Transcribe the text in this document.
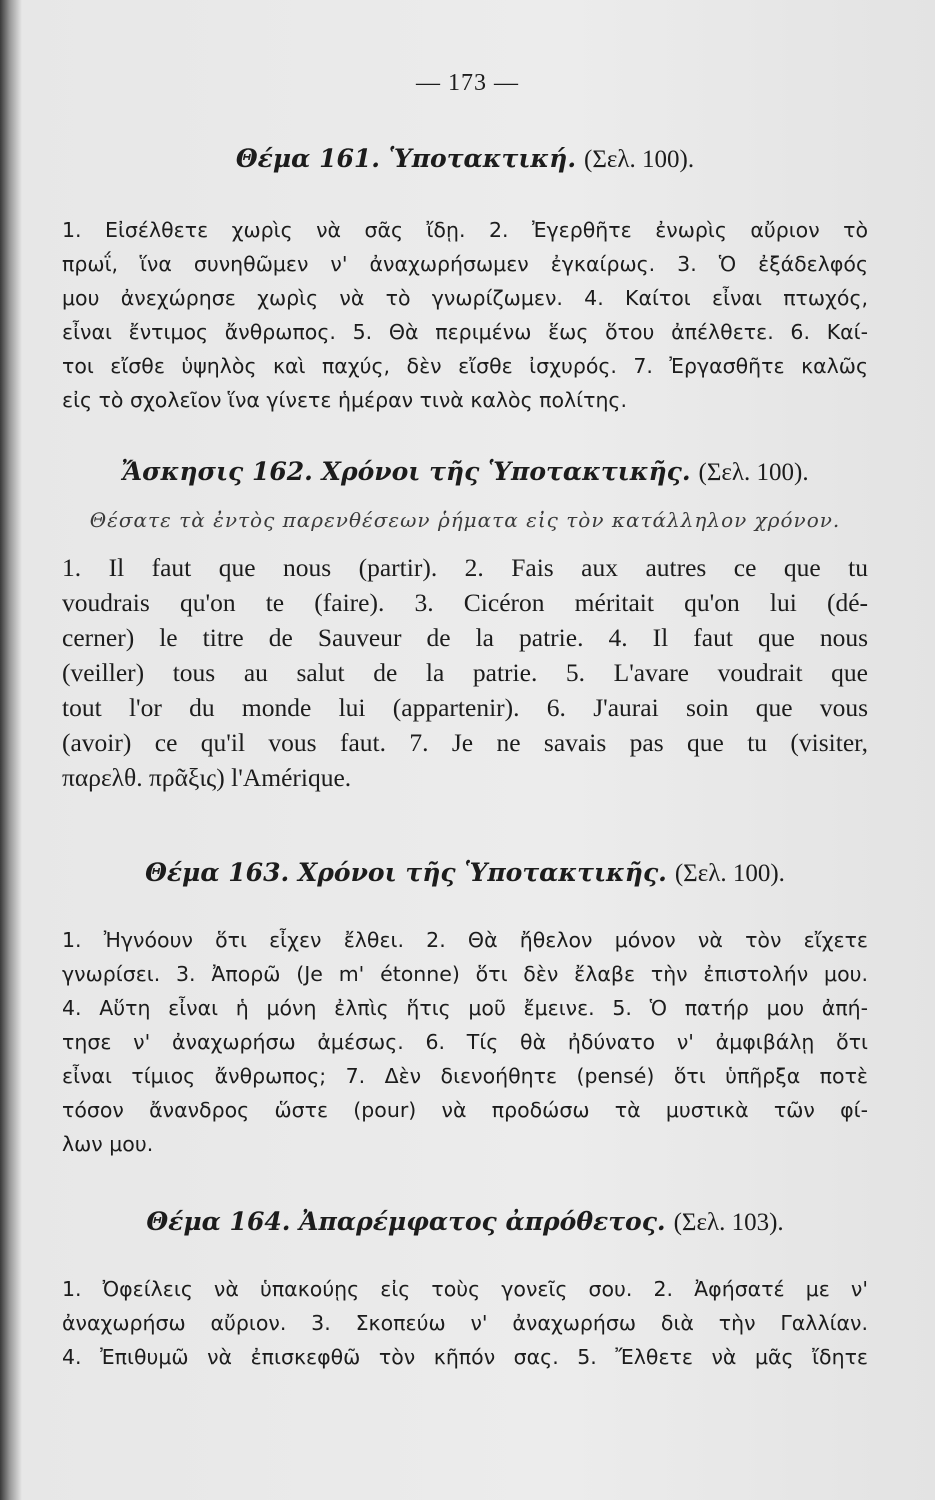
— 173 —
Θέμα 161. Ὑποτακτική. (Σελ. 100).
1. Εἰσέλθετε χωρὶς νὰ σᾶς ἴδῃ. 2. Ἐγερθῆτε ἐνωρὶς αὔριον τὸ
πρωΐ, ἵνα συνηθῶμεν ν' ἀναχωρήσωμεν ἐγκαίρως. 3. Ὁ ἐξάδελφός
μου ἀνεχώρησε χωρὶς νὰ τὸ γνωρίζωμεν. 4. Καίτοι εἶναι πτωχός,
εἶναι ἔντιμος ἄνθρωπος. 5. Θὰ περιμένω ἕως ὅτου ἀπέλθετε. 6. Καί-
τοι εἴσθε ὑψηλὸς καὶ παχύς, δὲν εἴσθε ἰσχυρός. 7. Ἐργασθῆτε καλῶς
εἰς τὸ σχολεῖον ἵνα γίνετε ἡμέραν τινὰ καλὸς πολίτης.
Ἄσκησις 162. Χρόνοι τῆς Ὑποτακτικῆς. (Σελ. 100).
Θέσατε τὰ ἐντὸς παρενθέσεων ῥήματα εἰς τὸν κατάλληλον χρόνον.
1. Il faut que nous (partir). 2. Fais aux autres ce que tu
voudrais qu'on te (faire). 3. Cicéron méritait qu'on lui (dé-
cerner) le titre de Sauveur de la patrie. 4. Il faut que nous
(veiller) tous au salut de la patrie. 5. L'avare voudrait que
tout l'or du monde lui (appartenir). 6. J'aurai soin que vous
(avoir) ce qu'il vous faut. 7. Je ne savais pas que tu (visiter,
παρελθ. πρᾶξις) l'Amérique.
Θέμα 163. Χρόνοι τῆς Ὑποτακτικῆς. (Σελ. 100).
1. Ἠγνόουν ὅτι εἶχεν ἔλθει. 2. Θὰ ἤθελον μόνον νὰ τὸν εἴχετε
γνωρίσει. 3. Ἀπορῶ (Je m' étonne) ὅτι δὲν ἔλαβε τὴν ἐπιστολήν μου.
4. Αὕτη εἶναι ἡ μόνη ἐλπὶς ἥτις μοῦ ἔμεινε. 5. Ὁ πατήρ μου ἀπή-
τησε ν' ἀναχωρήσω ἀμέσως. 6. Τίς θὰ ἠδύνατο ν' ἀμφιβάλῃ ὅτι
εἶναι τίμιος ἄνθρωπος; 7. Δὲν διενοήθητε (pensé) ὅτι ὑπῆρξα ποτὲ
τόσον ἄνανδρος ὥστε (pour) νὰ προδώσω τὰ μυστικὰ τῶν φί-
λων μου.
Θέμα 164. Ἀπαρέμφατος ἀπρόθετος. (Σελ. 103).
1. Ὀφείλεις νὰ ὑπακούῃς εἰς τοὺς γονεῖς σου. 2. Ἀφήσατέ με ν'
ἀναχωρήσω αὔριον. 3. Σκοπεύω ν' ἀναχωρήσω διὰ τὴν Γαλλίαν.
4. Ἐπιθυμῶ νὰ ἐπισκεφθῶ τὸν κῆπόν σας. 5. Ἔλθετε νὰ μᾶς ἴδητε
